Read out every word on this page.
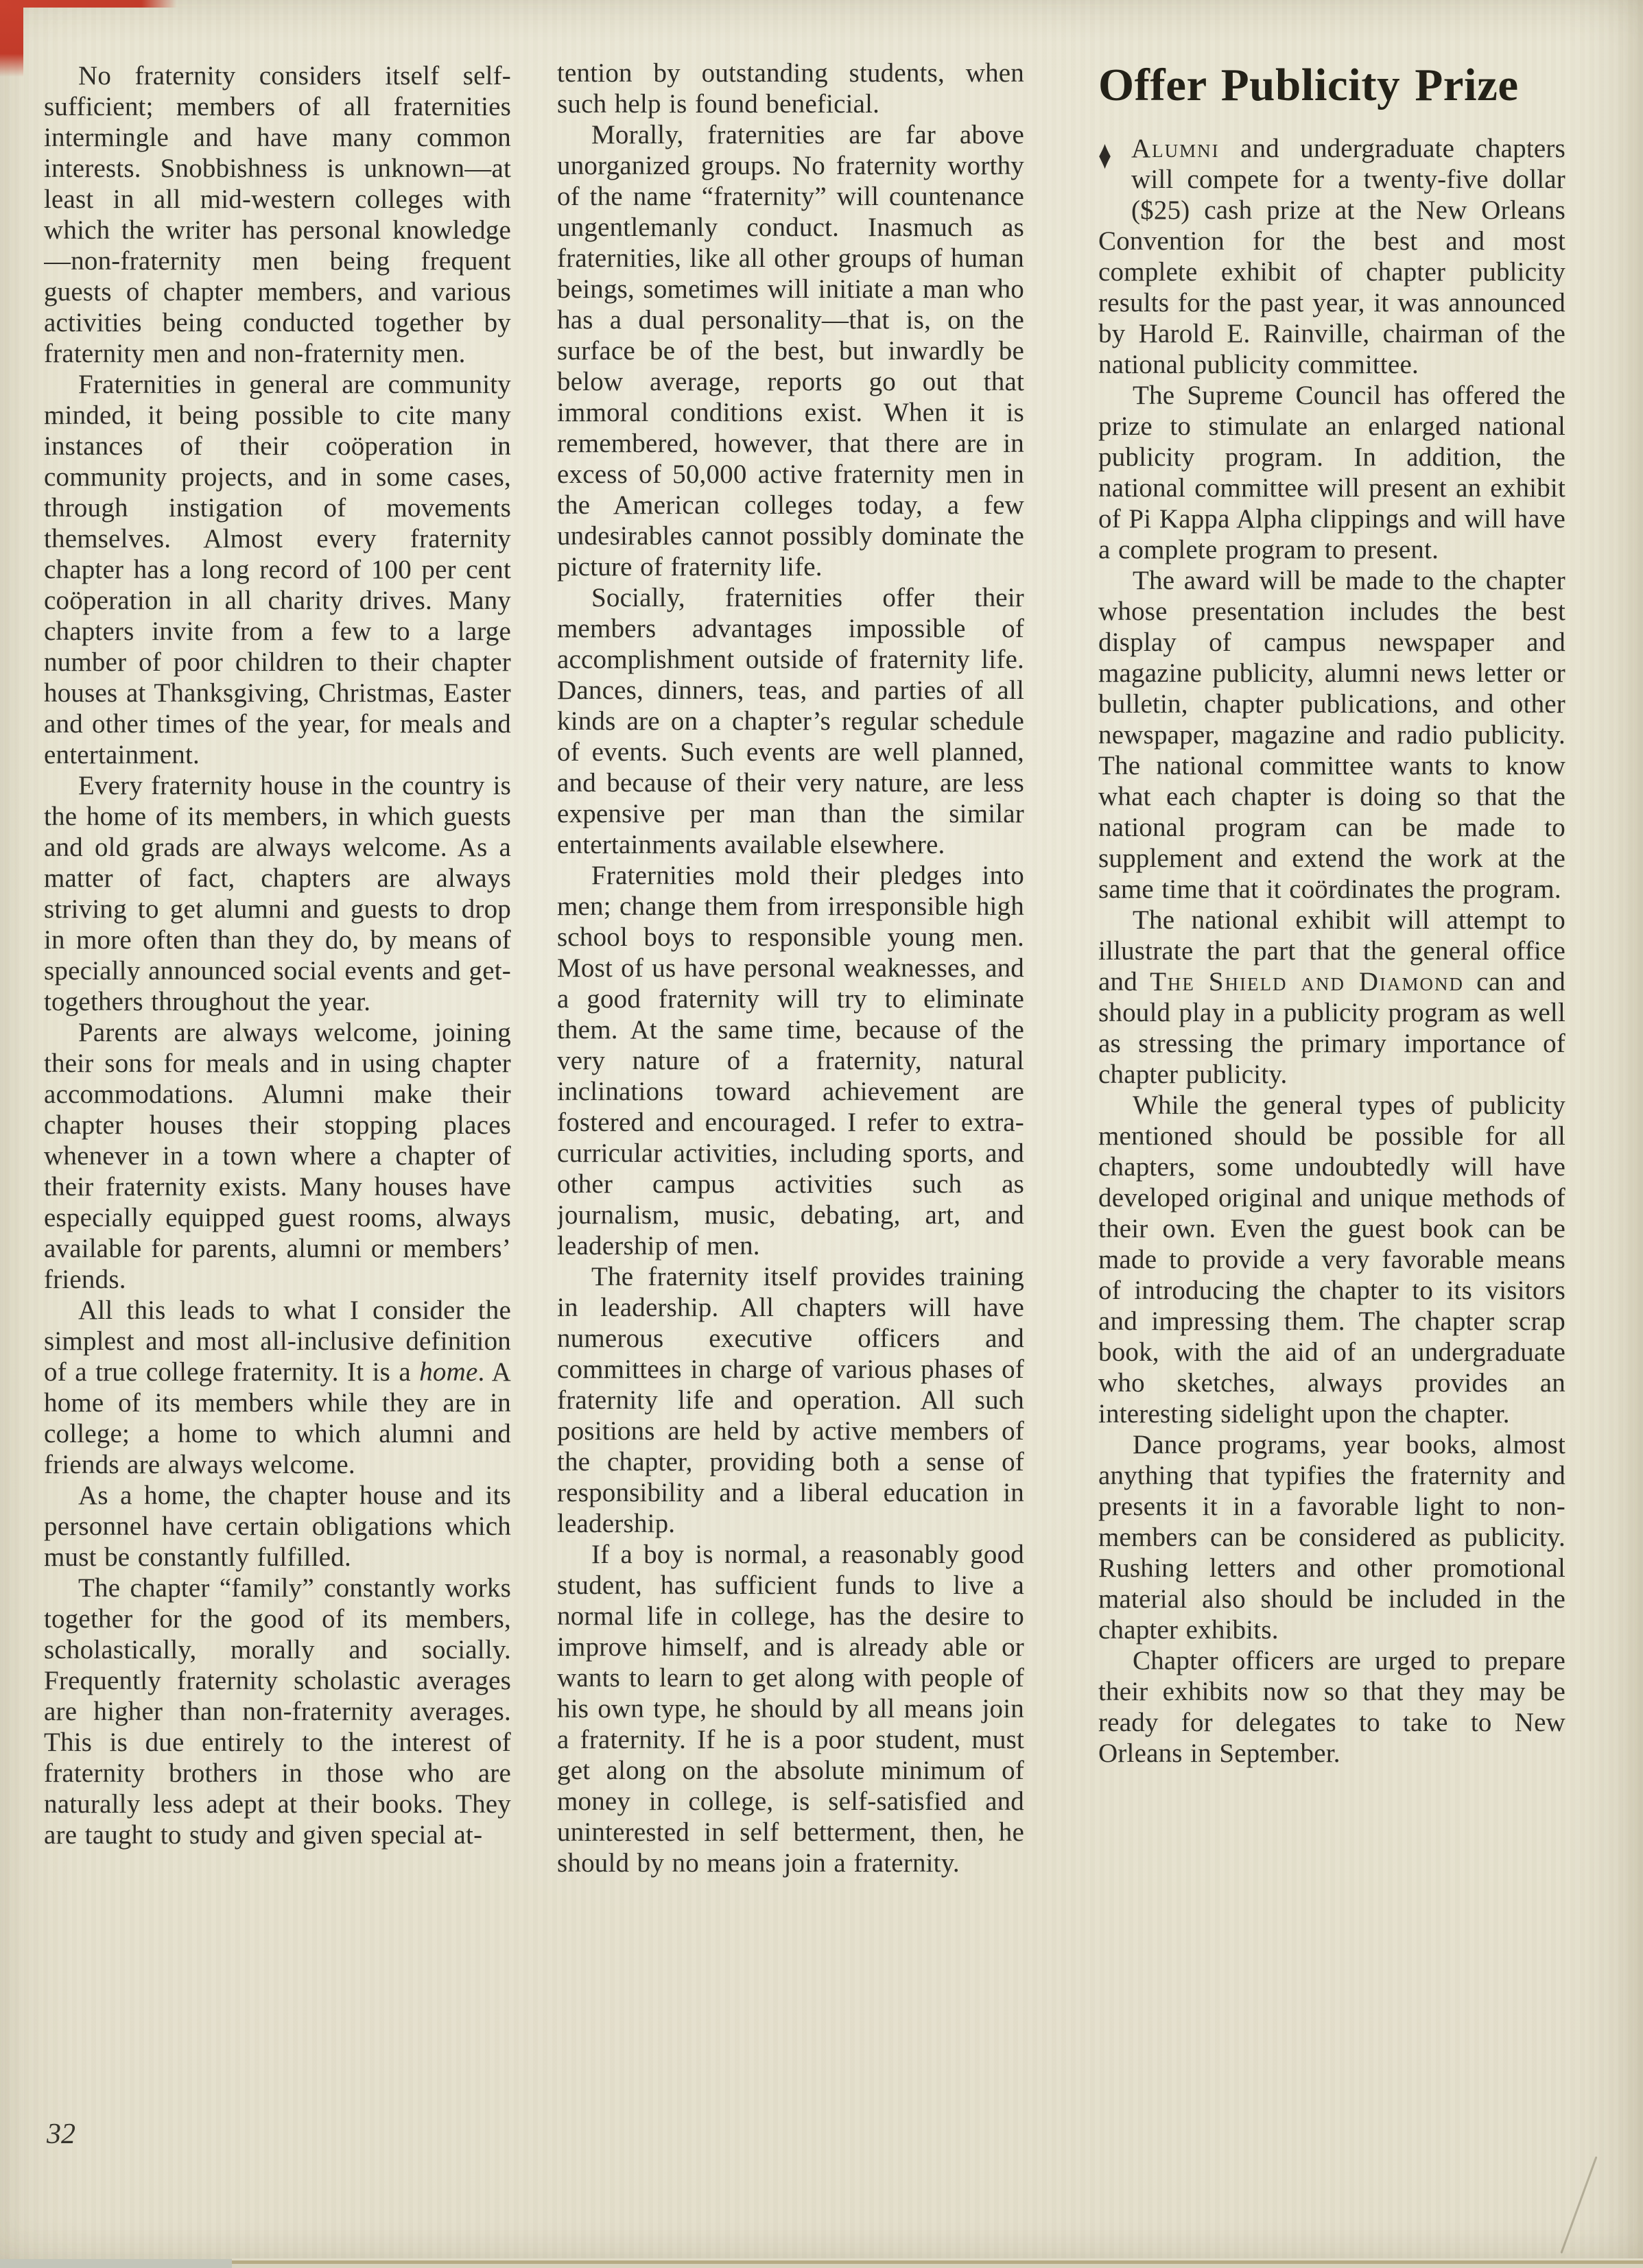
No fraternity considers itself self-sufficient; members of all fraternities intermingle and have many common interests. Snobbishness is unknown—at least in all mid-western colleges with which the writer has personal knowledge—non-fraternity men being frequent guests of chapter members, and various activities being conducted together by fraternity men and non-fraternity men.

Fraternities in general are community minded, it being possible to cite many instances of their coöperation in community projects, and in some cases, through instigation of movements themselves. Almost every fraternity chapter has a long record of 100 per cent coöperation in all charity drives. Many chapters invite from a few to a large number of poor children to their chapter houses at Thanksgiving, Christmas, Easter and other times of the year, for meals and entertainment.

Every fraternity house in the country is the home of its members, in which guests and old grads are always welcome. As a matter of fact, chapters are always striving to get alumni and guests to drop in more often than they do, by means of specially announced social events and get-togethers throughout the year.

Parents are always welcome, joining their sons for meals and in using chapter accommodations. Alumni make their chapter houses their stopping places whenever in a town where a chapter of their fraternity exists. Many houses have especially equipped guest rooms, always available for parents, alumni or members’ friends.

All this leads to what I consider the simplest and most all-inclusive definition of a true college fraternity. It is a home. A home of its members while they are in college; a home to which alumni and friends are always welcome.

As a home, the chapter house and its personnel have certain obligations which must be constantly fulfilled.

The chapter “family” constantly works together for the good of its members, scholastically, morally and socially. Frequently fraternity scholastic averages are higher than non-fraternity averages. This is due entirely to the interest of fraternity brothers in those who are naturally less adept at their books. They are taught to study and given special at-

tention by outstanding students, when such help is found beneficial.

Morally, fraternities are far above unorganized groups. No fraternity worthy of the name “fraternity” will countenance ungentlemanly conduct. Inasmuch as fraternities, like all other groups of human beings, sometimes will initiate a man who has a dual personality—that is, on the surface be of the best, but inwardly be below average, reports go out that immoral conditions exist. When it is remembered, however, that there are in excess of 50,000 active fraternity men in the American colleges today, a few undesirables cannot possibly dominate the picture of fraternity life.

Socially, fraternities offer their members advantages impossible of accomplishment outside of fraternity life. Dances, dinners, teas, and parties of all kinds are on a chapter’s regular schedule of events. Such events are well planned, and because of their very nature, are less expensive per man than the similar entertainments available elsewhere.

Fraternities mold their pledges into men; change them from irresponsible high school boys to responsible young men. Most of us have personal weaknesses, and a good fraternity will try to eliminate them. At the same time, because of the very nature of a fraternity, natural inclinations toward achievement are fostered and encouraged. I refer to extra-curricular activities, including sports, and other campus activities such as journalism, music, debating, art, and leadership of men.

The fraternity itself provides training in leadership. All chapters will have numerous executive officers and committees in charge of various phases of fraternity life and operation. All such positions are held by active members of the chapter, providing both a sense of responsibility and a liberal education in leadership.

If a boy is normal, a reasonably good student, has sufficient funds to live a normal life in college, has the desire to improve himself, and is already able or wants to learn to get along with people of his own type, he should by all means join a fraternity. If he is a poor student, must get along on the absolute minimum of money in college, is self-satisfied and uninterested in self betterment, then, he should by no means join a fraternity.

Offer Publicity Prize

♦ Alumni and undergraduate chapters will compete for a twenty-five dollar ($25) cash prize at the New Orleans Convention for the best and most complete exhibit of chapter publicity results for the past year, it was announced by Harold E. Rainville, chairman of the national publicity committee.

The Supreme Council has offered the prize to stimulate an enlarged national publicity program. In addition, the national committee will present an exhibit of Pi Kappa Alpha clippings and will have a complete program to present.

The award will be made to the chapter whose presentation includes the best display of campus newspaper and magazine publicity, alumni news letter or bulletin, chapter publications, and other newspaper, magazine and radio publicity. The national committee wants to know what each chapter is doing so that the national program can be made to supplement and extend the work at the same time that it coördinates the program.

The national exhibit will attempt to illustrate the part that the general office and The Shield and Diamond can and should play in a publicity program as well as stressing the primary importance of chapter publicity.

While the general types of publicity mentioned should be possible for all chapters, some undoubtedly will have developed original and unique methods of their own. Even the guest book can be made to provide a very favorable means of introducing the chapter to its visitors and impressing them. The chapter scrap book, with the aid of an undergraduate who sketches, always provides an interesting sidelight upon the chapter.

Dance programs, year books, almost anything that typifies the fraternity and presents it in a favorable light to non-members can be considered as publicity. Rushing letters and other promotional material also should be included in the chapter exhibits.

Chapter officers are urged to prepare their exhibits now so that they may be ready for delegates to take to New Orleans in September.

32
